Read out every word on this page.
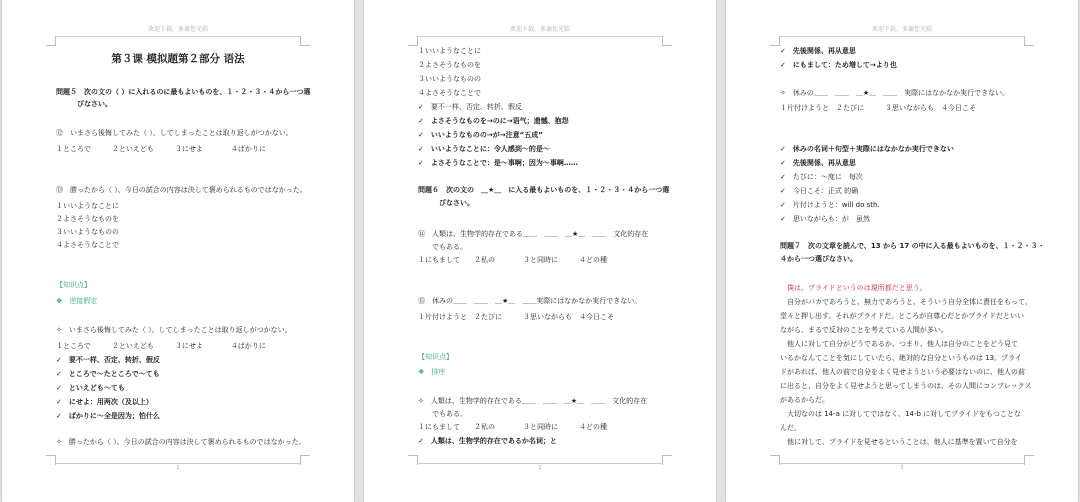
欢迎下载，多谢您光临
第３课 模拟题第２部分 语法
問題５　次の文の（ ）に入れるのに最もよいものを、１・２・３・４から一つ選
　　　びなさい。
⑫　いまさら後悔してみた（ ）、してしまったことは取り返しがつかない。
１ところで　　　２といえども　　　３にせよ　　　　４ばかりに
⑬　勝ったから（ ）、今日の試合の内容は決して褒められるものではなかった。
１いいようなことに
２よさそうなものを
３いいようなものの
４よさそうなことで
【知识点】
❖　逆接假定
✧　いまさら後悔してみた（ ）、してしまったことは取り返しがつかない。
１ところで　　　２といえども　　　３にせよ　　　　４ばかりに
✓　要不一样、否定、转折、假反
✓　ところで～たところで～ても
✓　といえども～ても
✓　にせよ：用两次（及以上）
✓　ばかりに～全是因为；怕什么
✧　勝ったから（ ）、今日の試合の内容は決して褒められるものではなかった。
1
欢迎下载，多谢您光临
１いいようなことに
２よさそうなものを
３いいようなものの
４よさそうなことで
✓　要不一样、否定、转折、假反
✓　よさそうなものを→のに→语气；遗憾、抱怨
✓　いいようなものの→が→注意“五成”
✓　いいようなことに：令人感到～的是～
✓　よさそうなことで：是～事啊；因为～事啊……
問題６　次の文の　＿★＿　に入る最もよいものを、１・２・３・４から一つ選
　　　びなさい。
⑭　人類は、生物学的存在である＿＿　＿＿　＿★＿　＿＿　文化的存在
　　でもある。
１にもまして　　２私の　　　　３と同時に　　　４どの種
⑮　休みの＿＿　＿＿　＿★＿　＿＿実際にはなかなか実行できない。
１片付けようと　２たびに　　　３思いながらも　４今日こそ
【知识点】
❖　排序
✧　人類は、生物学的存在である＿＿　＿＿　＿★＿　＿＿　文化的存在
　　でもある。
１にもまして　　２私の　　　　３と同時に　　　４どの種
✓　人類は、生物学的存在であるか名词；と
2
欢迎下载，多谢您光临
✓　先後関係、再从意思
✓　にもまして：ため増して→より也
✧　休みの＿＿　＿＿　＿★＿　＿＿　実際にはなかなか実行できない。
１片付けようと　２たびに　　　３思いながらも　４今日こそ
✓　休みの名词＋句型＋実際にはなかなか実行できない
✓　先後関係、再从意思
✓　たびに：～度に　每次
✓　今日こそ：正式 的确
✓　片付けようと：will do sth.
✓　思いながらも：が　虽然
問題７　次の文章を読んで、13 から 17 の中に入る最もよいものを、１・２・３・
４から一つ選びなさい。
　僕は、プライドというのは現所都だと思う。
　自分がバカであろうと、無力であろうと、そういう自分全体に責任をもって、
堂々と押し出す。それがプライドだ。ところが自尊心だとかプライドだといい
ながら、まるで反対のことを考えている人間が多い。
　他人に対して自分がどうであるか、つまり、他人は自分のことをどう見て
いるかなんてことを気にしていたら、絶対的な自分というものは 13。プライ
ドがあれば、他人の前で自分をよく見せようという必要はないのに、他人の前
に出ると、自分をよく見せようと思ってしまうのは、その人間にコンプレックス
があるからだ。
　大切なのは 14-a に対してではなく、14-b に対してプライドをもつことな
んだ。
　他に対して、プライドを見せるということは、他人に基準を置いて自分を
3
